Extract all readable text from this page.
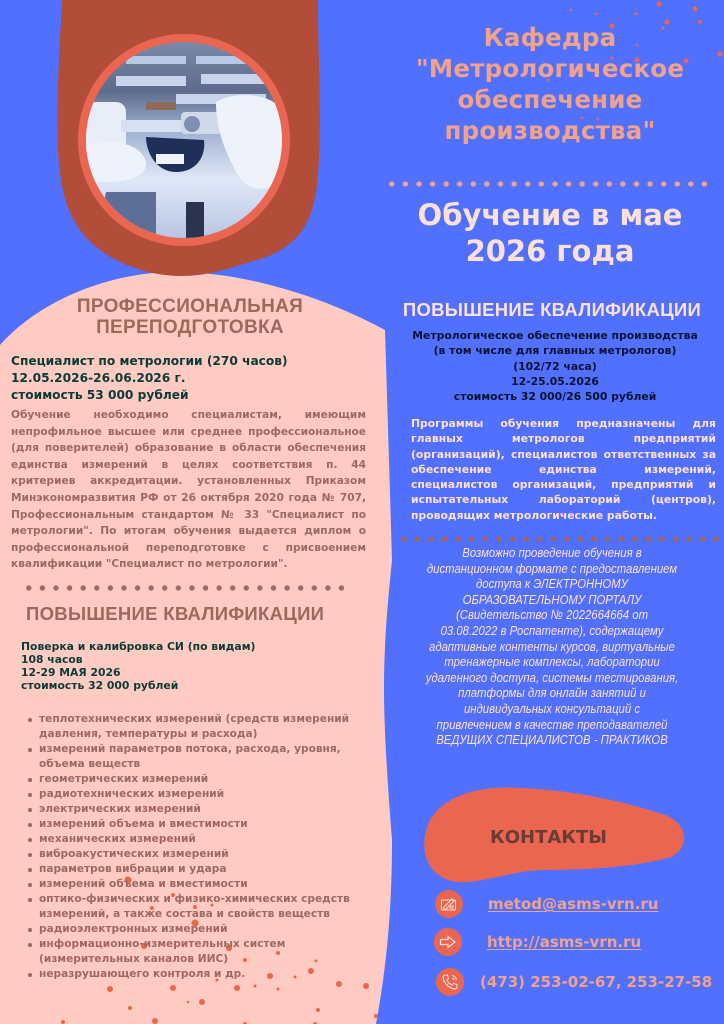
Кафедра "Метрологическое обеспечение производства"
Обучение в мае 2026 года
ПРОФЕССИОНАЛЬНАЯ ПЕРЕПОДГОТОВКА
Специалист по метрологии (270 часов)
12.05.2026-26.06.2026 г.
стоимость 53 000 рублей
Обучение необходимо специалистам, имеющим непрофильное высшее или среднее профессиональное (для поверителей) образование в области обеспечения единства измерений в целях соответствия п. 44 критериев аккредитации. установленных Приказом Минэкономразвития РФ от 26 октября 2020 года № 707, Профессиональным стандартом № 33 "Специалист по метрологии". По итогам обучения выдается диплом о профессиональной переподготовке с присвоением квалификации "Специалист по метрологии".
ПОВЫШЕНИЕ КВАЛИФИКАЦИИ
Поверка и калибровка СИ (по видам)
108 часов
12-29 МАЯ 2026
стоимость 32 000 рублей
теплотехнических измерений (средств измерений давления, температуры и расхода)
измерений параметров потока, расхода, уровня, объема веществ
геометрических измерений
радиотехнических измерений
электрических измерений
измерений объема и вместимости
механических измерений
виброакустических измерений
параметров вибрации и удара
измерений объема и вместимости
оптико-физических и физико-химических средств измерений, а также состава и свойств веществ
радиоэлектронных измерений
информационно-измерительных систем (измерительных каналов ИИС)
неразрушающего контроля и др.
ПОВЫШЕНИЕ КВАЛИФИКАЦИИ
Метрологическое обеспечение производства
(в том числе для главных метрологов)
(102/72 часа)
12-25.05.2026
стоимость 32 000/26 500 рублей
Программы обучения предназначены для главных метрологов предприятий (организаций), специалистов ответственных за обеспечение единства измерений, специалистов организаций, предприятий и испытательных лабораторий (центров), проводящих метрологические работы.
Возможно проведение обучения в
дистанционном формате с предоставлением
доступа к ЭЛЕКТРОННОМУ
ОБРАЗОВАТЕЛЬНОМУ ПОРТАЛУ
(Свидетельство № 2022664664 от
03.08.2022 в Роспатенте), содержащему
адаптивные контенты курсов, виртуальные
тренажерные комплексы, лаборатории
удаленного доступа, системы тестирования,
платформы для онлайн занятий и
индивидуальных консультаций с
привлечением в качестве преподавателей
ВЕДУЩИХ СПЕЦИАЛИСТОВ - ПРАКТИКОВ
КОНТАКТЫ
metod@asms-vrn.ru
http://asms-vrn.ru
(473) 253-02-67, 253-27-58
